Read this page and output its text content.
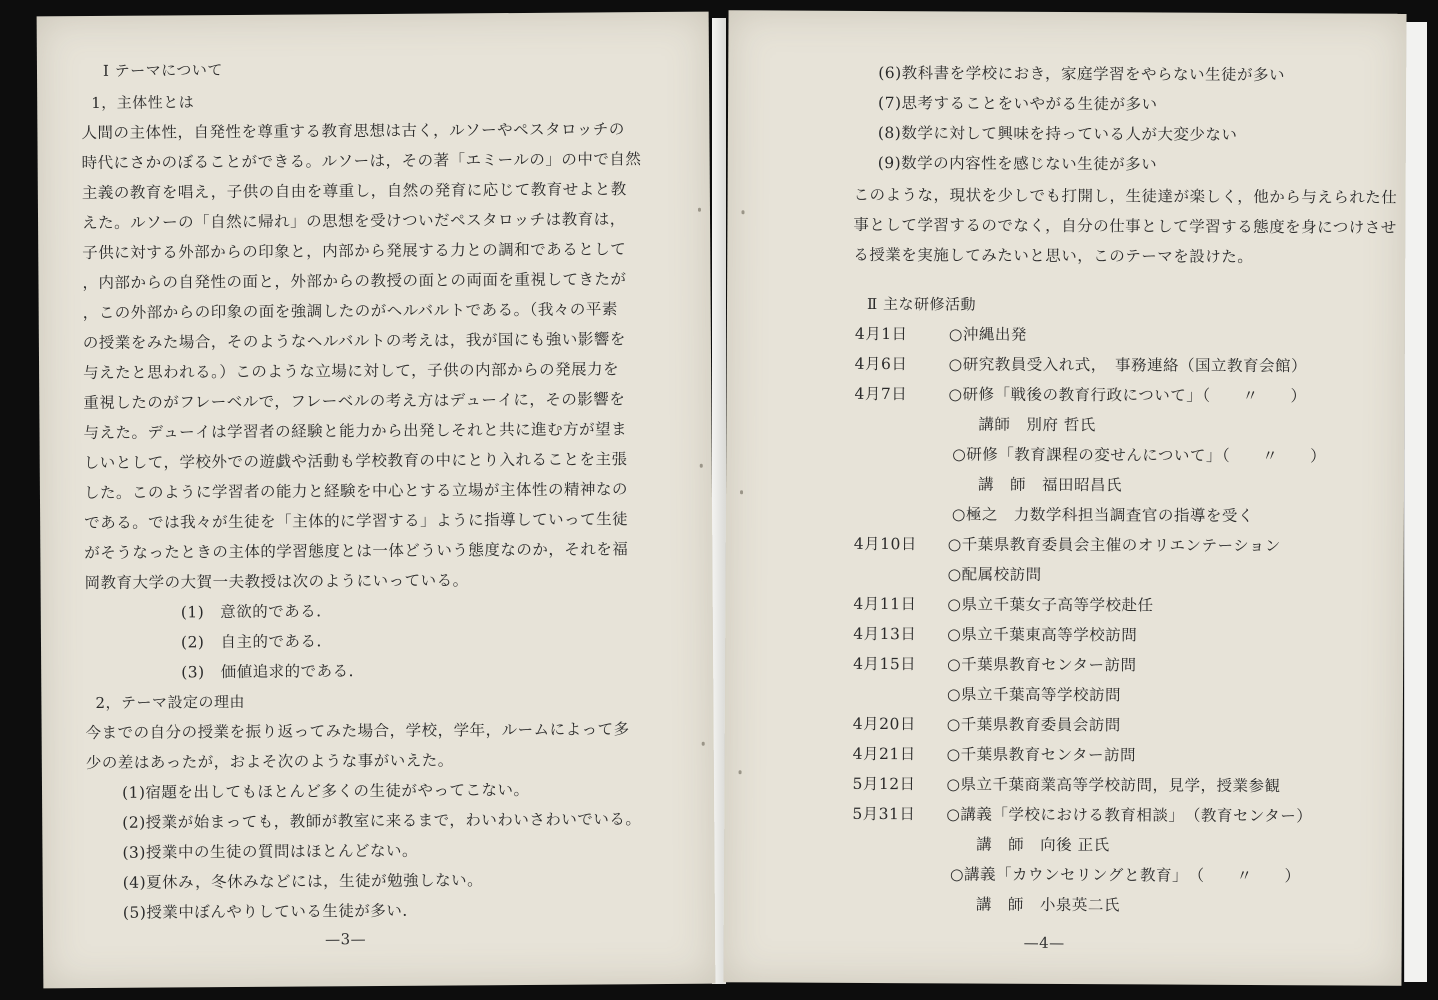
Ⅰ テーマについて
1，主体性とは
人間の主体性，自発性を尊重する教育思想は古く，ルソーやペスタロッチの
時代にさかのぼることができる。ルソーは，その著「エミールの」の中で自然
主義の教育を唱え，子供の自由を尊重し，自然の発育に応じて教育せよと教
えた。ルソーの「自然に帰れ」の思想を受けついだペスタロッチは教育は，
子供に対する外部からの印象と，内部から発展する力との調和であるとして
，内部からの自発性の面と，外部からの教授の面との両面を重視してきたが
，この外部からの印象の面を強調したのがヘルバルトである。（我々の平素
の授業をみた場合，そのようなヘルバルトの考えは，我が国にも強い影響を
与えたと思われる。）このような立場に対して，子供の内部からの発展力を
重視したのがフレーベルで，フレーベルの考え方はデューイに，その影響を
与えた。デューイは学習者の経験と能力から出発しそれと共に進む方が望ま
しいとして，学校外での遊戯や活動も学校教育の中にとり入れることを主張
した。このように学習者の能力と経験を中心とする立場が主体性の精神なの
である。では我々が生徒を「主体的に学習する」ように指導していって生徒
がそうなったときの主体的学習態度とは一体どういう態度なのか，それを福
岡教育大学の大賀一夫教授は次のようにいっている。
(1)　意欲的である．
(2)　自主的である．
(3)　価値追求的である．
2，テーマ設定の理由
今までの自分の授業を振り返ってみた場合，学校，学年，ルームによって多
少の差はあったが，およそ次のような事がいえた。
(1)宿題を出してもほとんど多くの生徒がやってこない。
(2)授業が始まっても，教師が教室に来るまで，わいわいさわいでいる。
(3)授業中の生徒の質問はほとんどない。
(4)夏休み，冬休みなどには，生徒が勉強しない。
(5)授業中ぼんやりしている生徒が多い．
—3—
(6)教科書を学校におき，家庭学習をやらない生徒が多い
(7)思考することをいやがる生徒が多い
(8)数学に対して興味を持っている人が大変少ない
(9)数学の内容性を感じない生徒が多い
このような，現状を少しでも打開し，生徒達が楽しく，他から与えられた仕
事として学習するのでなく，自分の仕事として学習する態度を身につけさせ
る授業を実施してみたいと思い，このテーマを設けた。
Ⅱ 主な研修活動
4月1日	○沖縄出発
4月6日	○研究教員受入れ式，　事務連絡（国立教育会館）
4月7日	○研修「戦後の教育行政について」（　　〃　　）
講師　別府 哲氏
○研修「教育課程の変せんについて」（　　〃　　）
講　師　福田昭昌氏
○極之　力数学科担当調査官の指導を受く
4月10日 ○千葉県教育委員会主催のオリエンテーション
○配属校訪問
4月11日 ○県立千葉女子高等学校赴任
4月13日 ○県立千葉東高等学校訪問
4月15日 ○千葉県教育センター訪問
○県立千葉高等学校訪問
4月20日 ○千葉県教育委員会訪問
4月21日 ○千葉県教育センター訪問
5月12日 ○県立千葉商業高等学校訪問，見学，授業参観
5月31日 ○講義「学校における教育相談」　（教育センター）
講　師　向後 正氏
○講義「カウンセリングと教育」　（　　〃　　）
講　師　小泉英二氏
—4—
